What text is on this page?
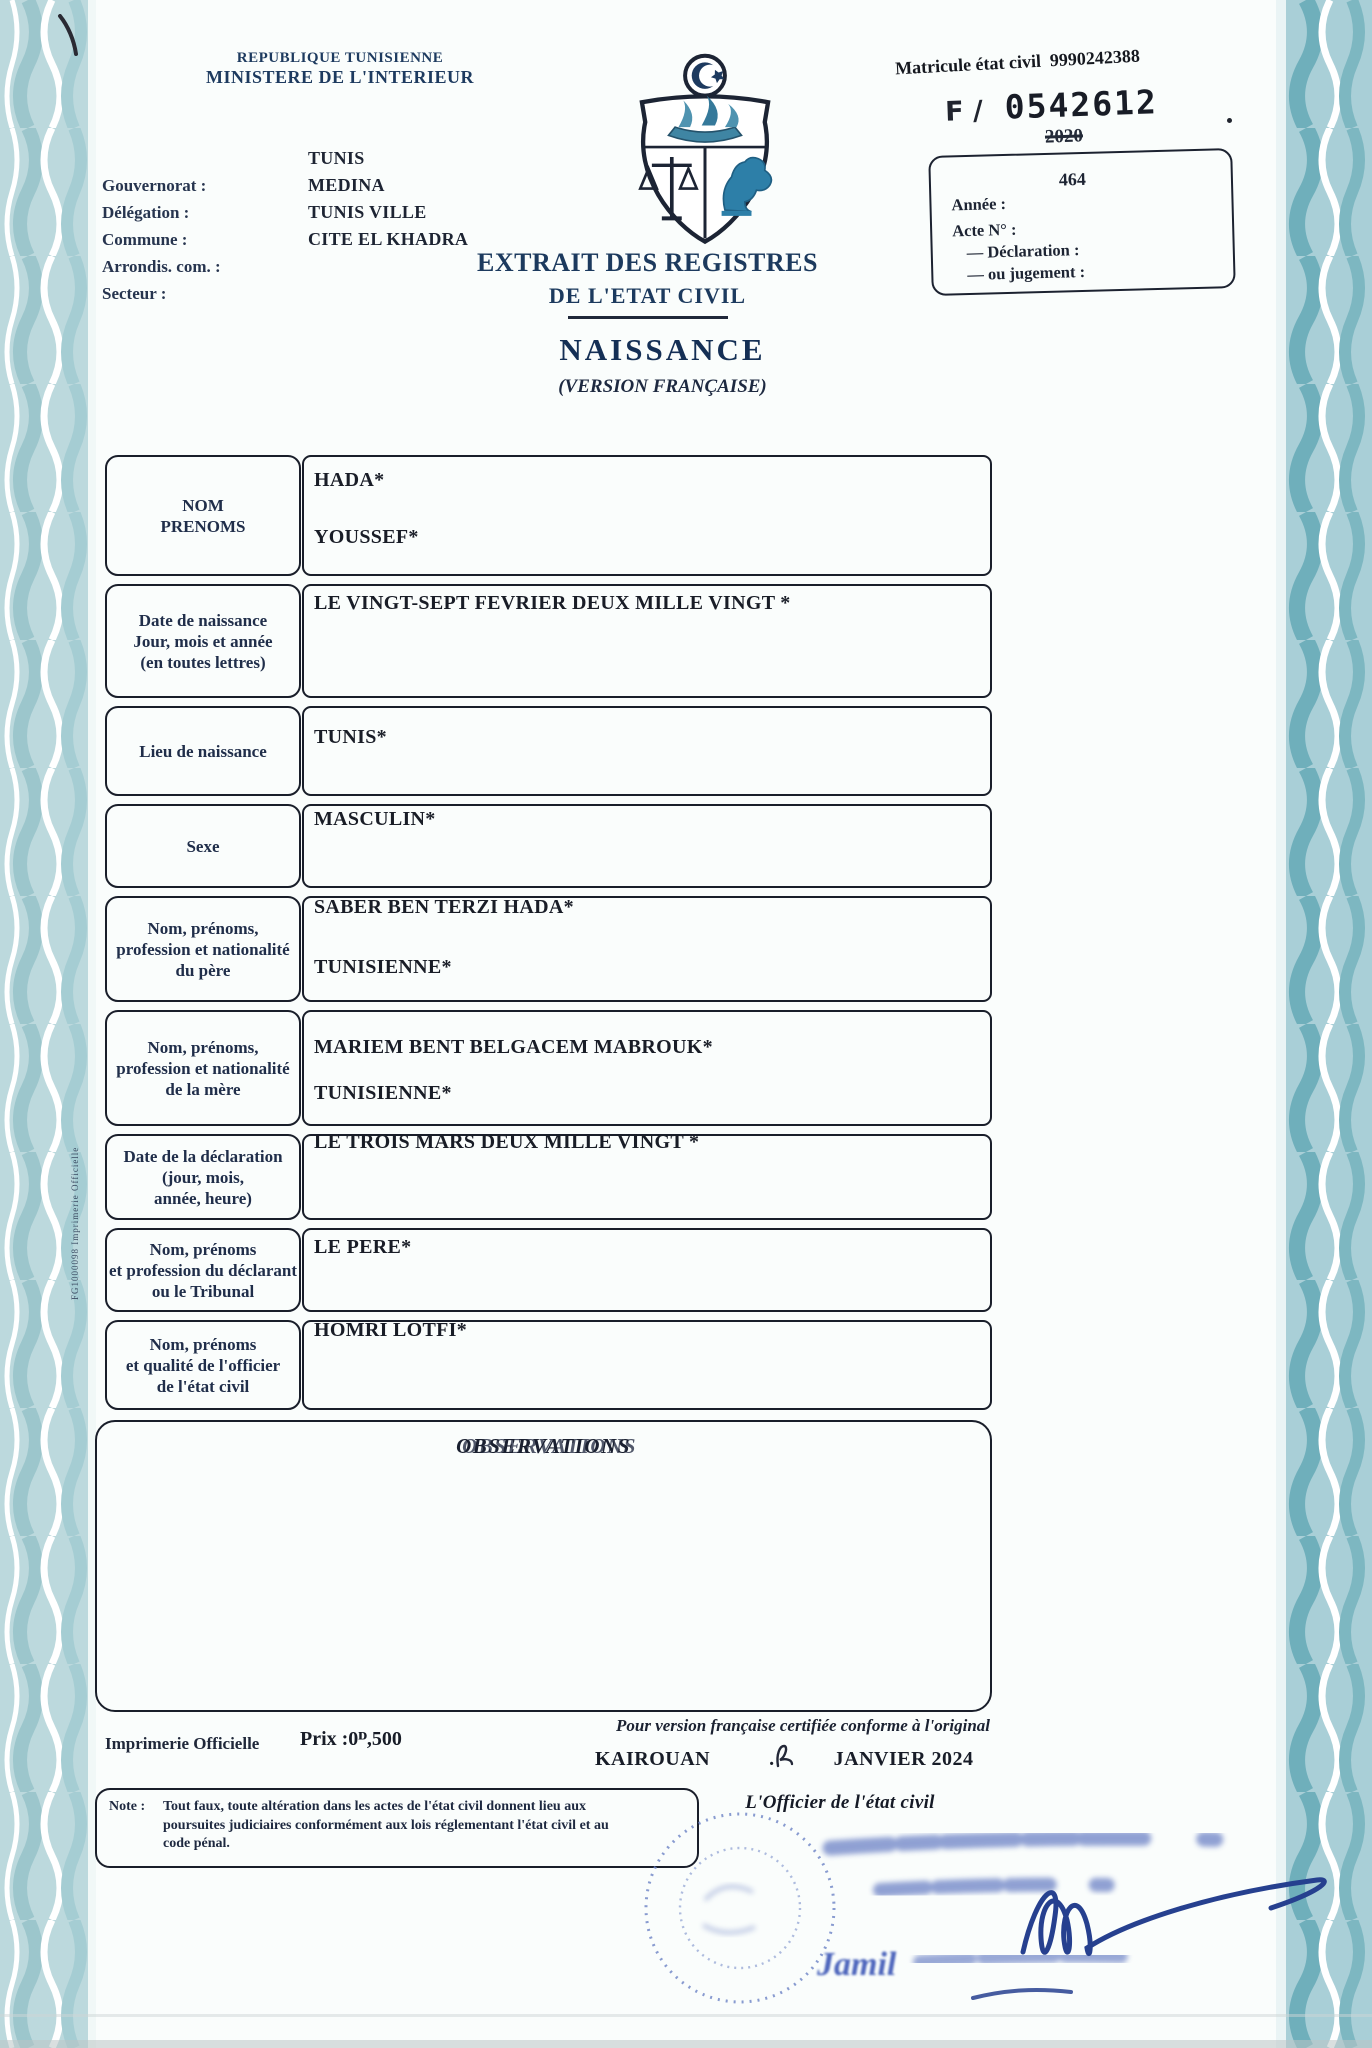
REPUBLIQUE TUNISIENNE
MINISTERE DE L'INTERIEUR
Gouvernorat :
Délégation :
Commune :
Arrondis. com. :
Secteur :
TUNIS
MEDINA
TUNIS VILLE
CITE EL KHADRA
EXTRAIT DES REGISTRES
DE L'ETAT CIVIL
NAISSANCE
(VERSION FRANÇAISE)
Matricule état civil 9990242388
F / 0542612
2020
Année :
464
Acte N° :
— Déclaration :
— ou jugement :
NOM
PRENOMS
HADA*
YOUSSEF*
Date de naissance
Jour, mois et année
(en toutes lettres)
LE VINGT-SEPT FEVRIER DEUX MILLE VINGT *
Lieu de naissance
TUNIS*
Sexe
MASCULIN*
Nom, prénoms,
profession et nationalité
du père
SABER BEN TERZI HADA*
TUNISIENNE*
Nom, prénoms,
profession et nationalité
de la mère
MARIEM BENT BELGACEM MABROUK*
TUNISIENNE*
Date de la déclaration
(jour, mois,
année, heure)
LE TROIS MARS DEUX MILLE VINGT *
Nom, prénoms
et profession du déclarant
ou le Tribunal
LE PERE*
Nom, prénoms
et qualité de l'officier
de l'état civil
HOMRI LOTFI*
OBSERVATIONS
FG1000098 Imprimerie Officielle
Imprimerie Officielle Prix :0ᴰ,500
Pour version française certifiée conforme à l'original
KAIROUAN	.	JANVIER 2024
L'Officier de l'état civil
Note : Tout faux, toute altération dans les actes de l'état civil donnent lieu aux
poursuites judiciaires conformément aux lois réglementant l'état civil et au
code pénal.
Jamil
